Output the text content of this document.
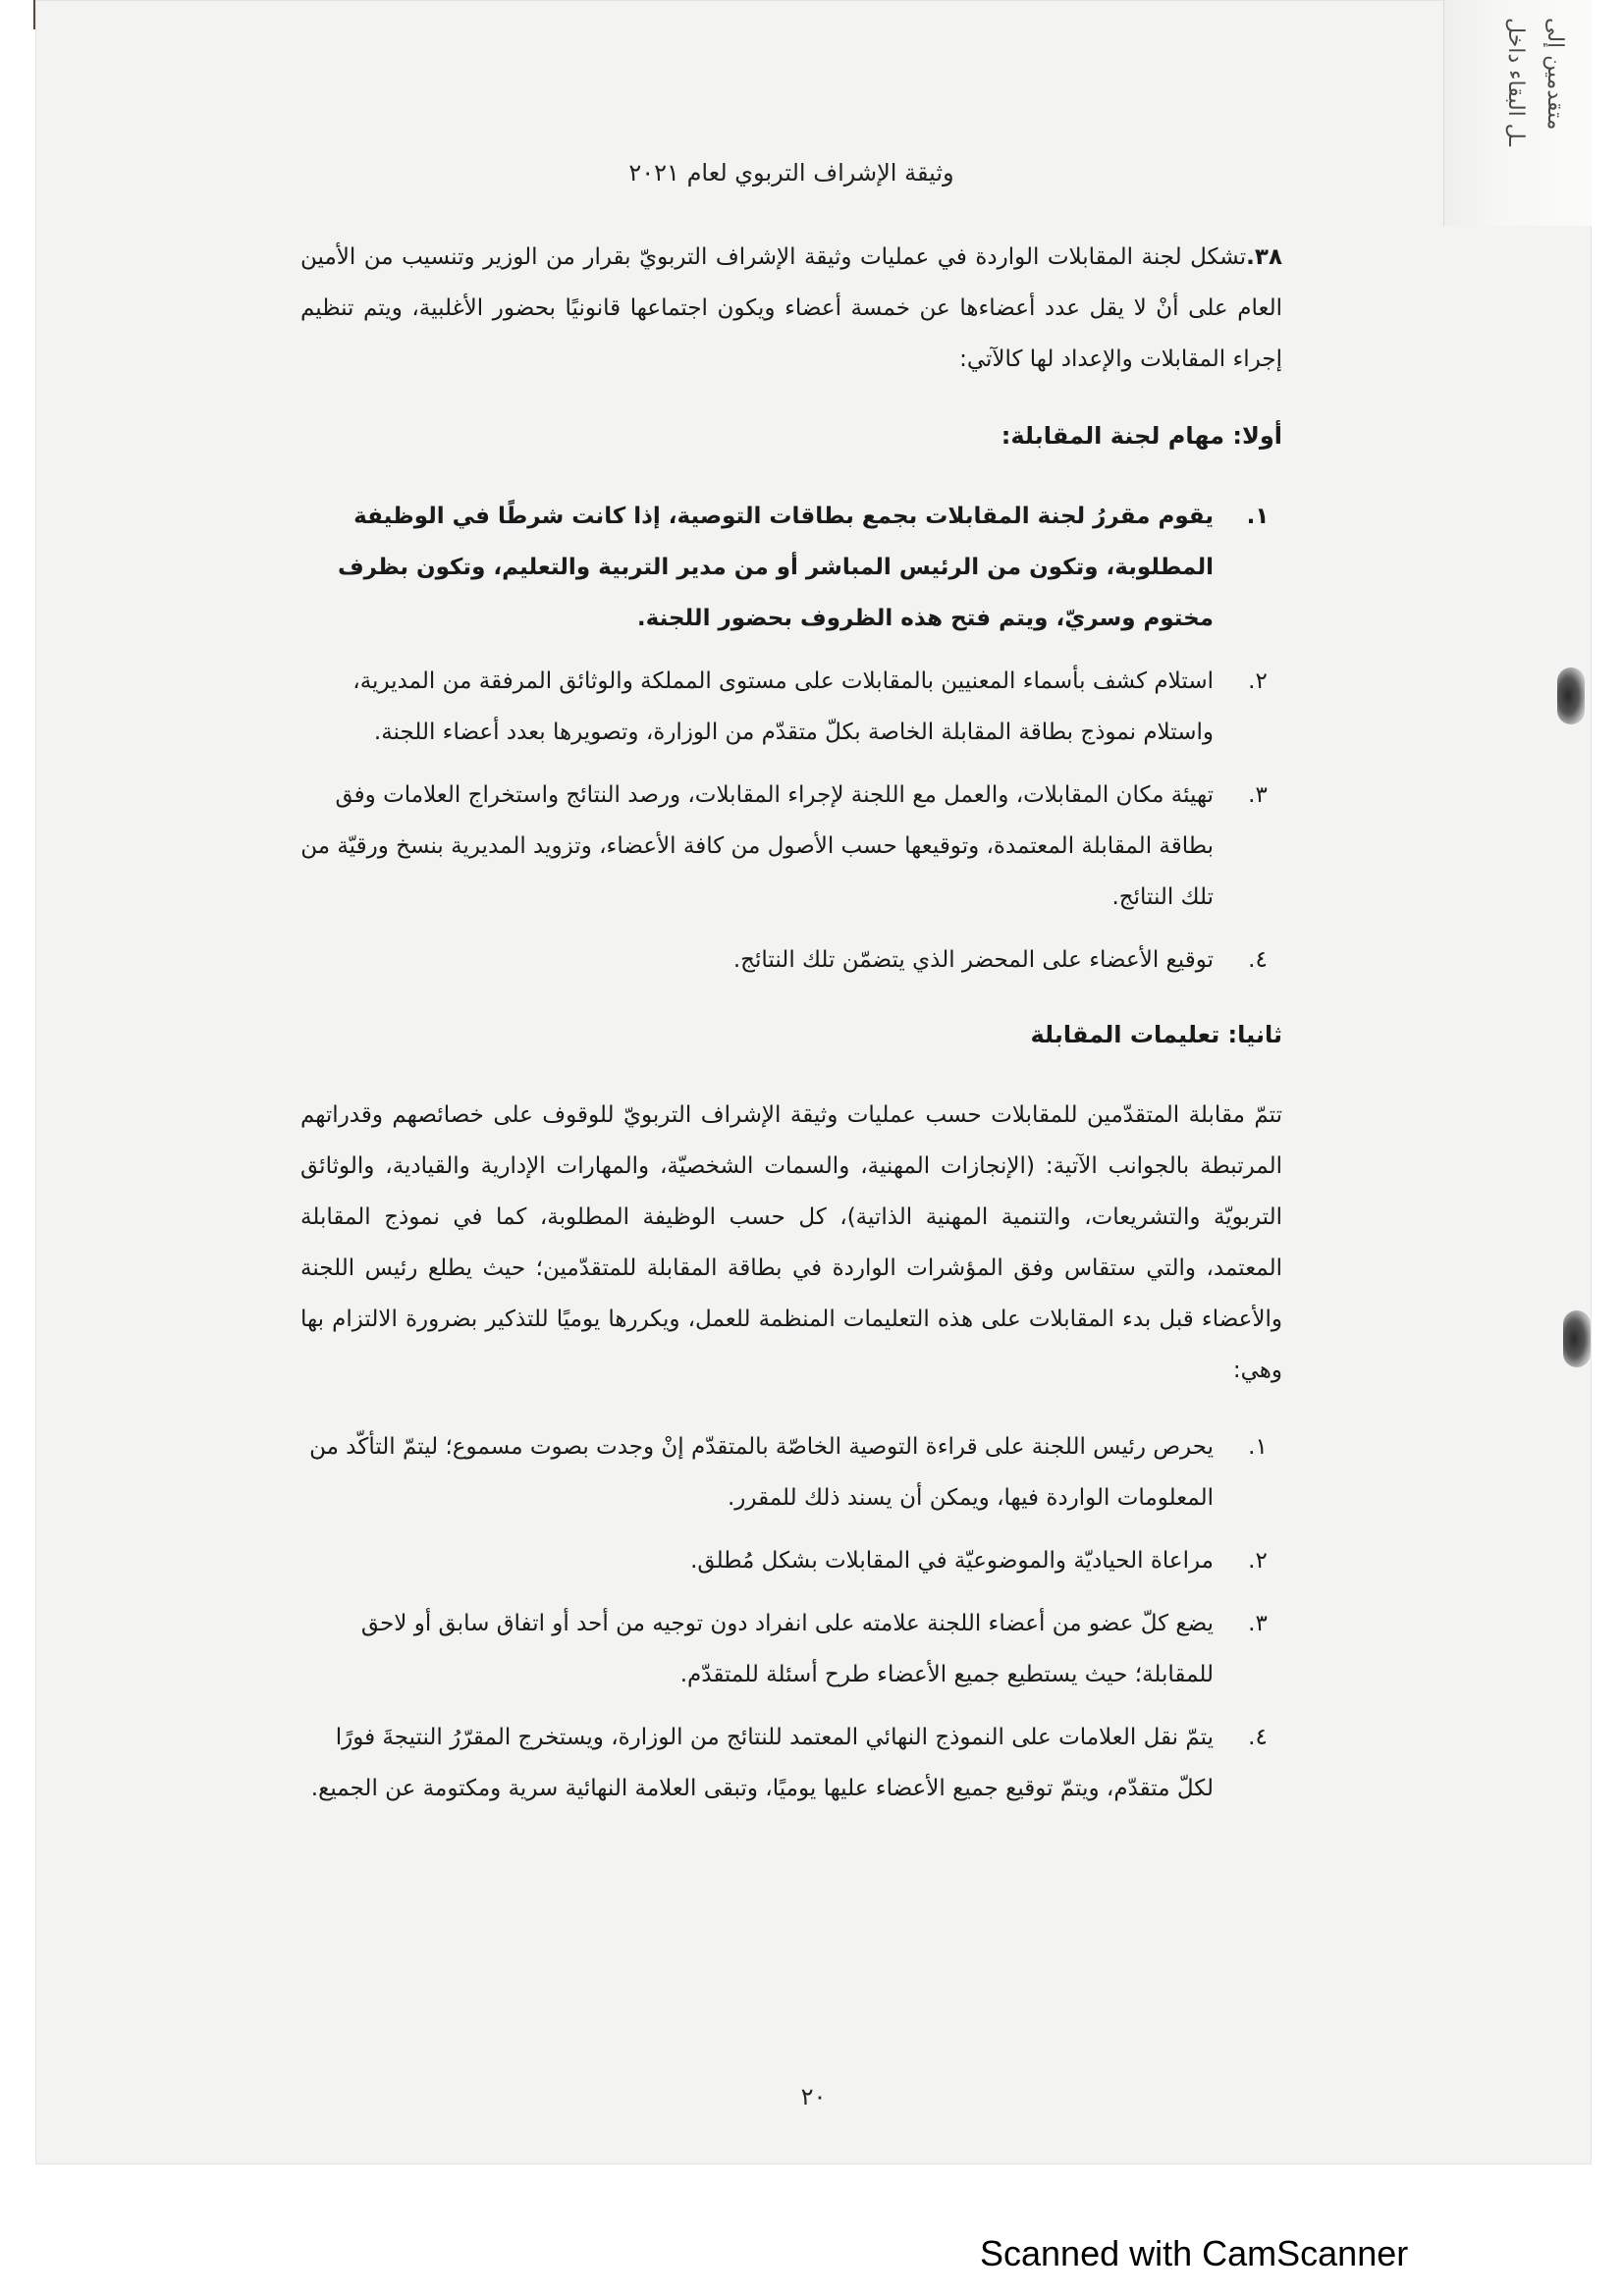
متقدمين إلى
ـل البقاء داخل
وثيقة الإشراف التربوي لعام ٢٠٢١

٣٨.تشكل لجنة المقابلات الواردة في عمليات وثيقة الإشراف التربويّ بقرار من الوزير وتنسيب من الأمين العام على أنْ لا يقل عدد أعضاءها عن خمسة أعضاء ويكون اجتماعها قانونيًا بحضور الأغلبية، ويتم تنظيم إجراء المقابلات والإعداد لها كالآتي:

أولا: مهام لجنة المقابلة:
١.
يقوم مقررُ لجنة المقابلات بجمع بطاقات التوصية، إذا كانت شرطًا في الوظيفة المطلوبة، وتكون من الرئيس المباشر أو من مدير التربية والتعليم، وتكون بظرف مختوم وسريّ، ويتم فتح هذه الظروف بحضور اللجنة.
٢.
استلام كشف بأسماء المعنيين بالمقابلات على مستوى المملكة والوثائق المرفقة من المديرية، واستلام نموذج بطاقة المقابلة الخاصة بكلّ متقدّم من الوزارة، وتصويرها بعدد أعضاء اللجنة.
٣.
تهيئة مكان المقابلات، والعمل مع اللجنة لإجراء المقابلات، ورصد النتائج واستخراج العلامات وفق بطاقة المقابلة المعتمدة، وتوقيعها حسب الأصول من كافة الأعضاء، وتزويد المديرية بنسخ ورقيّة من تلك النتائج.
٤.
توقيع الأعضاء على المحضر الذي يتضمّن تلك النتائج.
ثانيا: تعليمات المقابلة

تتمّ مقابلة المتقدّمين للمقابلات حسب عمليات وثيقة الإشراف التربويّ للوقوف على خصائصهم وقدراتهم المرتبطة بالجوانب الآتية: (الإنجازات المهنية، والسمات الشخصيّة، والمهارات الإدارية والقيادية، والوثائق التربويّة والتشريعات، والتنمية المهنية الذاتية)، كل حسب الوظيفة المطلوبة، كما في نموذج المقابلة المعتمد، والتي ستقاس وفق المؤشرات الواردة في بطاقة المقابلة للمتقدّمين؛ حيث يطلع رئيس اللجنة والأعضاء قبل بدء المقابلات على هذه التعليمات المنظمة للعمل، ويكررها يوميًا للتذكير بضرورة الالتزام بها وهي:

١.
يحرص رئيس اللجنة على قراءة التوصية الخاصّة بالمتقدّم إنْ وجدت بصوت مسموع؛ ليتمّ التأكّد من المعلومات الواردة فيها، ويمكن أن يسند ذلك للمقرر.
٢.
مراعاة الحياديّة والموضوعيّة في المقابلات بشكل مُطلق.
٣.
يضع كلّ عضو من أعضاء اللجنة علامته على انفراد دون توجيه من أحد أو اتفاق سابق أو لاحق للمقابلة؛ حيث يستطيع جميع الأعضاء طرح أسئلة للمتقدّم.
٤.
يتمّ نقل العلامات على النموذج النهائي المعتمد للنتائج من الوزارة، ويستخرج المقرّرُ النتيجةَ فورًا لكلّ متقدّم، ويتمّ توقيع جميع الأعضاء عليها يوميًا، وتبقى العلامة النهائية سرية ومكتومة عن الجميع.
٢٠
Scanned with CamScanner
